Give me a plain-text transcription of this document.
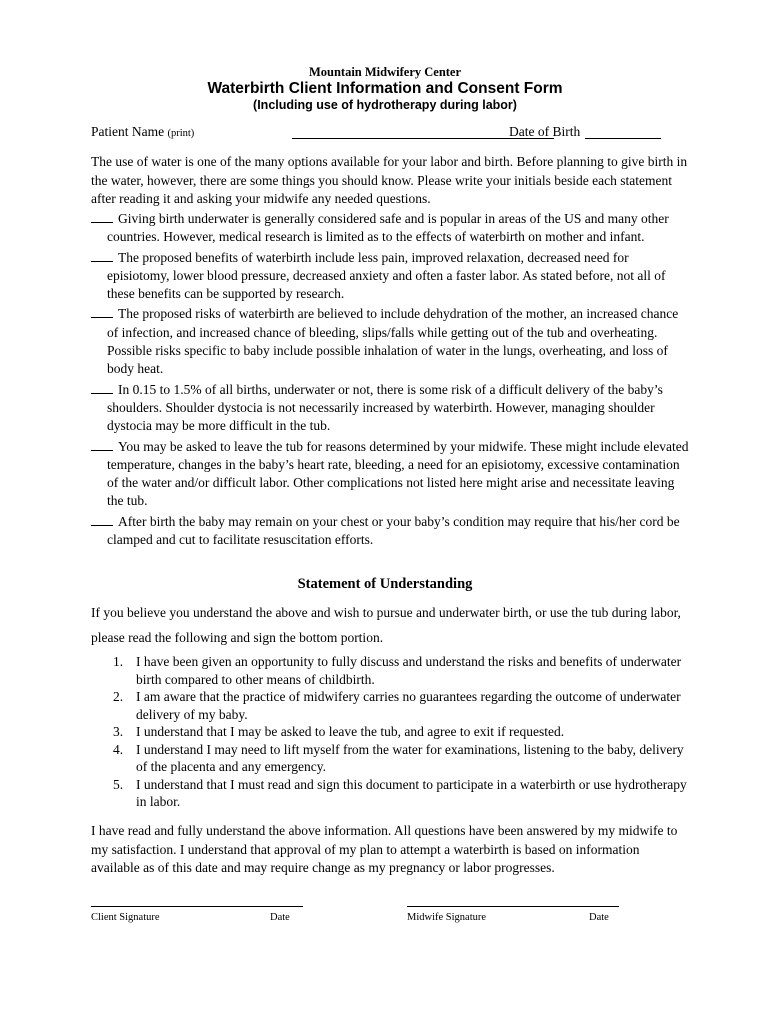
Mountain Midwifery Center
Waterbirth Client Information and Consent Form
(Including use of hydrotherapy during labor)
Patient Name (print)	Date of Birth

The use of water is one of the many options available for your labor and birth. Before planning to give birth in the water, however, there are some things you should know. Please write your initials beside each statement after reading it and asking your midwife any needed questions.

Giving birth underwater is generally considered safe and is popular in areas of the US and many other countries. However, medical research is limited as to the effects of waterbirth on mother and infant.
The proposed benefits of waterbirth include less pain, improved relaxation, decreased need for episiotomy, lower blood pressure, decreased anxiety and often a faster labor. As stated before, not all of these benefits can be supported by research.
The proposed risks of waterbirth are believed to include dehydration of the mother, an increased chance of infection, and increased chance of bleeding, slips/falls while getting out of the tub and overheating. Possible risks specific to baby include possible inhalation of water in the lungs, overheating, and loss of body heat.
In 0.15 to 1.5% of all births, underwater or not, there is some risk of a difficult delivery of the baby’s shoulders. Shoulder dystocia is not necessarily increased by waterbirth. However, managing shoulder dystocia may be more difficult in the tub.
You may be asked to leave the tub for reasons determined by your midwife. These might include elevated temperature, changes in the baby’s heart rate, bleeding, a need for an episiotomy, excessive contamination of the water and/or difficult labor. Other complications not listed here might arise and necessitate leaving the tub.
After birth the baby may remain on your chest or your baby’s condition may require that his/her cord be clamped and cut to facilitate resuscitation efforts.
Statement of Understanding

If you believe you understand the above and wish to pursue and underwater birth, or use the tub during labor, please read the following and sign the bottom portion.

1. I have been given an opportunity to fully discuss and understand the risks and benefits of underwater birth compared to other means of childbirth.
2. I am aware that the practice of midwifery carries no guarantees regarding the outcome of underwater delivery of my baby.
3. I understand that I may be asked to leave the tub, and agree to exit if requested.
4. I understand I may need to lift myself from the water for examinations, listening to the baby, delivery of the placenta and any emergency.
5. I understand that I must read and sign this document to participate in a waterbirth or use hydrotherapy in labor.

I have read and fully understand the above information. All questions have been answered by my midwife to my satisfaction. I understand that approval of my plan to attempt a waterbirth is based on information available as of this date and may require change as my pregnancy or labor progresses.

Client Signature	Date	Midwife Signature	Date
